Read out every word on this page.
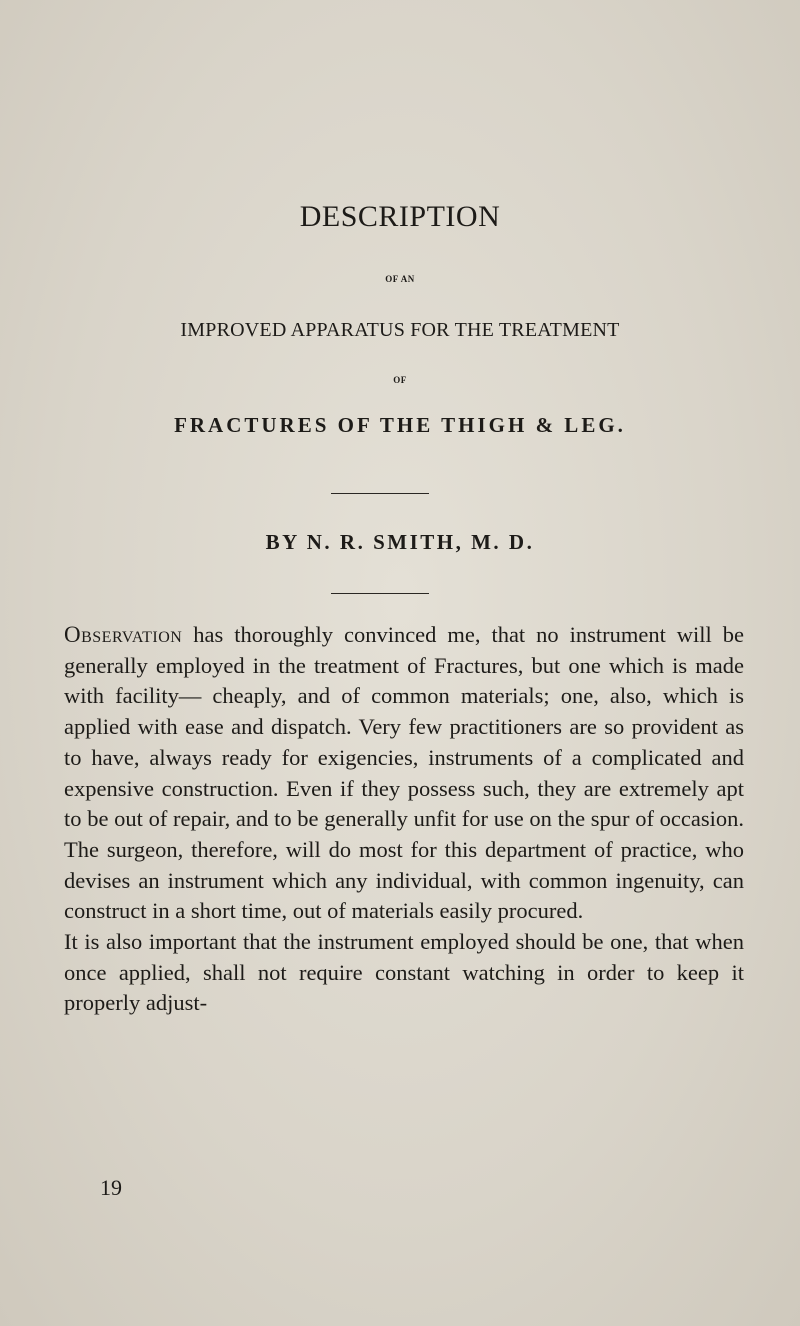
DESCRIPTION
OF AN
IMPROVED APPARATUS FOR THE TREATMENT
OF
FRACTURES OF THE THIGH & LEG.
BY N. R. SMITH, M. D.

Observation has thoroughly convinced me, that no instrument will be generally employed in the treatment of Fractures, but one which is made with facility— cheaply, and of common materials; one, also, which is applied with ease and dispatch. Very few practitioners are so provident as to have, always ready for exigencies, instruments of a complicated and expensive construction. Even if they possess such, they are extremely apt to be out of repair, and to be generally unfit for use on the spur of occasion. The surgeon, therefore, will do most for this department of practice, who devises an instrument which any individual, with common ingenuity, can construct in a short time, out of materials easily procured.

It is also important that the instrument employed should be one, that when once applied, shall not require constant watching in order to keep it properly adjust-

19
